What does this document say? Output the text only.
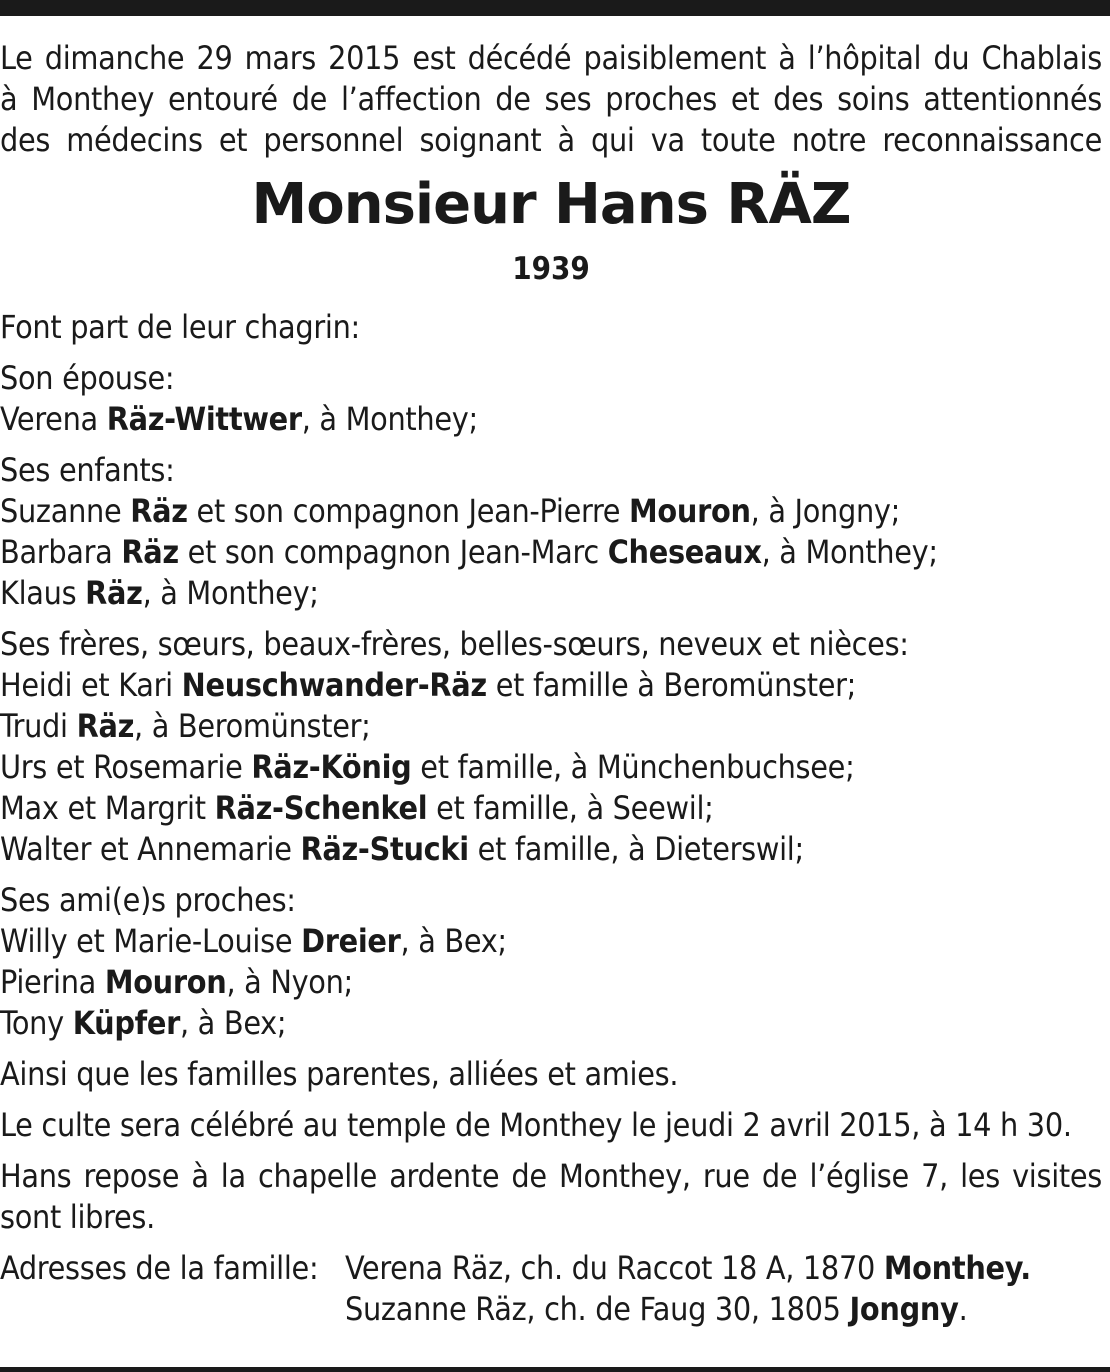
Le dimanche 29 mars 2015 est décédé paisiblement à l’hôpital du Chablais
à Monthey entouré de l’affection de ses proches et des soins attentionnés
des médecins et personnel soignant à qui va toute notre reconnaissance
Monsieur Hans RÄZ
1939

Font part de leur chagrin:

Son épouse:

Verena Räz-Wittwer, à Monthey;

Ses enfants:

Suzanne Räz et son compagnon Jean-Pierre Mouron, à Jongny;

Barbara Räz et son compagnon Jean-Marc Cheseaux, à Monthey;

Klaus Räz, à Monthey;

Ses frères, sœurs, beaux-frères, belles-sœurs, neveux et nièces:

Heidi et Kari Neuschwander-Räz et famille à Beromünster;

Trudi Räz, à Beromünster;

Urs et Rosemarie Räz-König et famille, à Münchenbuchsee;

Max et Margrit Räz-Schenkel et famille, à Seewil;

Walter et Annemarie Räz-Stucki et famille, à Dieterswil;

Ses ami(e)s proches:

Willy et Marie-Louise Dreier, à Bex;

Pierina Mouron, à Nyon;

Tony Küpfer, à Bex;

Ainsi que les familles parentes, alliées et amies.

Le culte sera célébré au temple de Monthey le jeudi 2 avril 2015, à 14 h 30.

Hans repose à la chapelle ardente de Monthey, rue de l’église 7, les visites

sont libres.

Adresses de la famille: Verena Räz, ch. du Raccot 18 A, 1870 Monthey.
Suzanne Räz, ch. de Faug 30, 1805 Jongny.
